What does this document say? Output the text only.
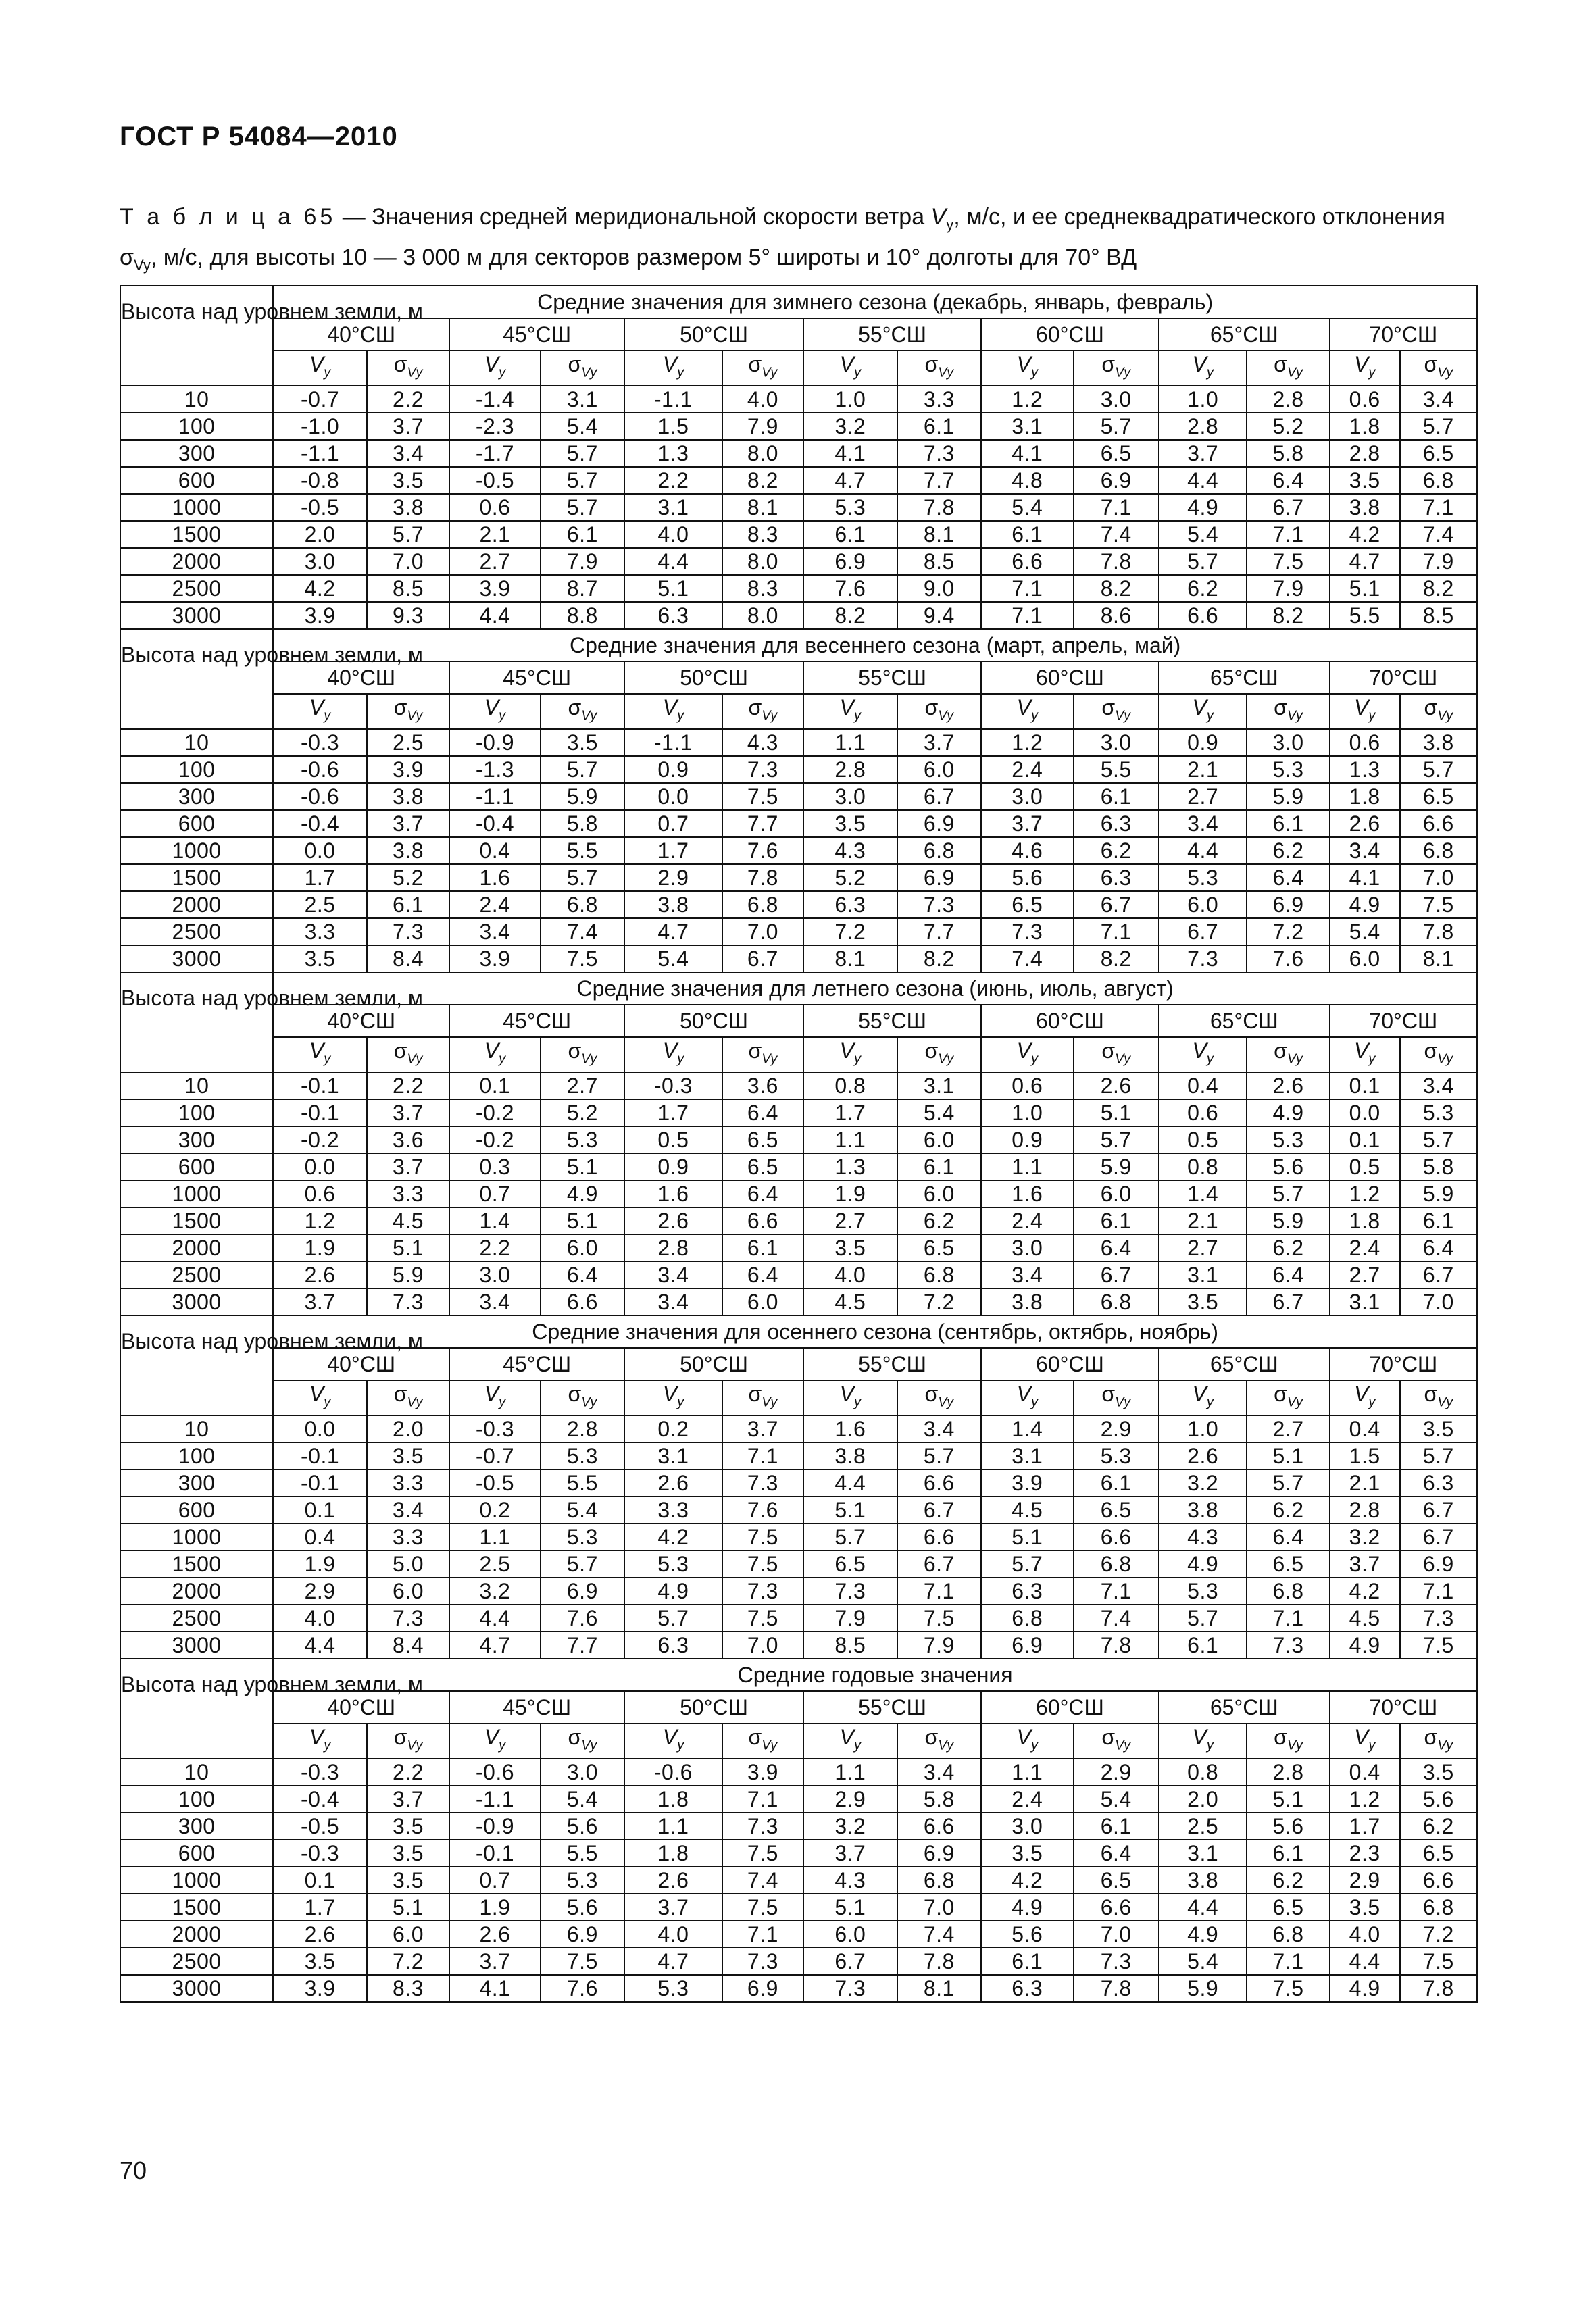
ГОСТ Р 54084—2010
Т а б л и ц а 65 — Значения средней меридиональной скорости ветра $V_y$, м/с, и ее среднеквадратического отклонения $\sigma_{Vy}$, м/с, для высоты 10 — 3 000 м для секторов размером 5° широты и 10° долготы для 70° ВД
Высота над уровнем земли, м	Средние значения для зимнего сезона (декабрь, январь, февраль)													
	40°СШ		45°СШ		50°СШ		55°СШ		60°СШ		65°СШ		70°СШ	
	$V_y$	$\sigma_{Vy}$	$V_y$	$\sigma_{Vy}$	$V_y$	$\sigma_{Vy}$	$V_y$	$\sigma_{Vy}$	$V_y$	$\sigma_{Vy}$	$V_y$	$\sigma_{Vy}$	$V_y$	$\sigma_{Vy}$
10	-0.7	2.2	-1.4	3.1	-1.1	4.0	1.0	3.3	1.2	3.0	1.0	2.8	0.6	3.4
100	-1.0	3.7	-2.3	5.4	1.5	7.9	3.2	6.1	3.1	5.7	2.8	5.2	1.8	5.7
300	-1.1	3.4	-1.7	5.7	1.3	8.0	4.1	7.3	4.1	6.5	3.7	5.8	2.8	6.5
600	-0.8	3.5	-0.5	5.7	2.2	8.2	4.7	7.7	4.8	6.9	4.4	6.4	3.5	6.8
1000	-0.5	3.8	0.6	5.7	3.1	8.1	5.3	7.8	5.4	7.1	4.9	6.7	3.8	7.1
1500	2.0	5.7	2.1	6.1	4.0	8.3	6.1	8.1	6.1	7.4	5.4	7.1	4.2	7.4
2000	3.0	7.0	2.7	7.9	4.4	8.0	6.9	8.5	6.6	7.8	5.7	7.5	4.7	7.9
2500	4.2	8.5	3.9	8.7	5.1	8.3	7.6	9.0	7.1	8.2	6.2	7.9	5.1	8.2
3000	3.9	9.3	4.4	8.8	6.3	8.0	8.2	9.4	7.1	8.6	6.6	8.2	5.5	8.5
Высота над уровнем земли, м	Средние значения для весеннего сезона (март, апрель, май)													
	40°СШ		45°СШ		50°СШ		55°СШ		60°СШ		65°СШ		70°СШ	
	$V_y$	$\sigma_{Vy}$	$V_y$	$\sigma_{Vy}$	$V_y$	$\sigma_{Vy}$	$V_y$	$\sigma_{Vy}$	$V_y$	$\sigma_{Vy}$	$V_y$	$\sigma_{Vy}$	$V_y$	$\sigma_{Vy}$
10	-0.3	2.5	-0.9	3.5	-1.1	4.3	1.1	3.7	1.2	3.0	0.9	3.0	0.6	3.8
100	-0.6	3.9	-1.3	5.7	0.9	7.3	2.8	6.0	2.4	5.5	2.1	5.3	1.3	5.7
300	-0.6	3.8	-1.1	5.9	0.0	7.5	3.0	6.7	3.0	6.1	2.7	5.9	1.8	6.5
600	-0.4	3.7	-0.4	5.8	0.7	7.7	3.5	6.9	3.7	6.3	3.4	6.1	2.6	6.6
1000	0.0	3.8	0.4	5.5	1.7	7.6	4.3	6.8	4.6	6.2	4.4	6.2	3.4	6.8
1500	1.7	5.2	1.6	5.7	2.9	7.8	5.2	6.9	5.6	6.3	5.3	6.4	4.1	7.0
2000	2.5	6.1	2.4	6.8	3.8	6.8	6.3	7.3	6.5	6.7	6.0	6.9	4.9	7.5
2500	3.3	7.3	3.4	7.4	4.7	7.0	7.2	7.7	7.3	7.1	6.7	7.2	5.4	7.8
3000	3.5	8.4	3.9	7.5	5.4	6.7	8.1	8.2	7.4	8.2	7.3	7.6	6.0	8.1
Высота над уровнем земли, м	Средние значения для летнего сезона (июнь, июль, август)													
	40°СШ		45°СШ		50°СШ		55°СШ		60°СШ		65°СШ		70°СШ	
	$V_y$	$\sigma_{Vy}$	$V_y$	$\sigma_{Vy}$	$V_y$	$\sigma_{Vy}$	$V_y$	$\sigma_{Vy}$	$V_y$	$\sigma_{Vy}$	$V_y$	$\sigma_{Vy}$	$V_y$	$\sigma_{Vy}$
10	-0.1	2.2	0.1	2.7	-0.3	3.6	0.8	3.1	0.6	2.6	0.4	2.6	0.1	3.4
100	-0.1	3.7	-0.2	5.2	1.7	6.4	1.7	5.4	1.0	5.1	0.6	4.9	0.0	5.3
300	-0.2	3.6	-0.2	5.3	0.5	6.5	1.1	6.0	0.9	5.7	0.5	5.3	0.1	5.7
600	0.0	3.7	0.3	5.1	0.9	6.5	1.3	6.1	1.1	5.9	0.8	5.6	0.5	5.8
1000	0.6	3.3	0.7	4.9	1.6	6.4	1.9	6.0	1.6	6.0	1.4	5.7	1.2	5.9
1500	1.2	4.5	1.4	5.1	2.6	6.6	2.7	6.2	2.4	6.1	2.1	5.9	1.8	6.1
2000	1.9	5.1	2.2	6.0	2.8	6.1	3.5	6.5	3.0	6.4	2.7	6.2	2.4	6.4
2500	2.6	5.9	3.0	6.4	3.4	6.4	4.0	6.8	3.4	6.7	3.1	6.4	2.7	6.7
3000	3.7	7.3	3.4	6.6	3.4	6.0	4.5	7.2	3.8	6.8	3.5	6.7	3.1	7.0
Высота над уровнем земли, м	Средние значения для осеннего сезона (сентябрь, октябрь, ноябрь)													
	40°СШ		45°СШ		50°СШ		55°СШ		60°СШ		65°СШ		70°СШ	
	$V_y$	$\sigma_{Vy}$	$V_y$	$\sigma_{Vy}$	$V_y$	$\sigma_{Vy}$	$V_y$	$\sigma_{Vy}$	$V_y$	$\sigma_{Vy}$	$V_y$	$\sigma_{Vy}$	$V_y$	$\sigma_{Vy}$
10	0.0	2.0	-0.3	2.8	0.2	3.7	1.6	3.4	1.4	2.9	1.0	2.7	0.4	3.5
100	-0.1	3.5	-0.7	5.3	3.1	7.1	3.8	5.7	3.1	5.3	2.6	5.1	1.5	5.7
300	-0.1	3.3	-0.5	5.5	2.6	7.3	4.4	6.6	3.9	6.1	3.2	5.7	2.1	6.3
600	0.1	3.4	0.2	5.4	3.3	7.6	5.1	6.7	4.5	6.5	3.8	6.2	2.8	6.7
1000	0.4	3.3	1.1	5.3	4.2	7.5	5.7	6.6	5.1	6.6	4.3	6.4	3.2	6.7
1500	1.9	5.0	2.5	5.7	5.3	7.5	6.5	6.7	5.7	6.8	4.9	6.5	3.7	6.9
2000	2.9	6.0	3.2	6.9	4.9	7.3	7.3	7.1	6.3	7.1	5.3	6.8	4.2	7.1
2500	4.0	7.3	4.4	7.6	5.7	7.5	7.9	7.5	6.8	7.4	5.7	7.1	4.5	7.3
3000	4.4	8.4	4.7	7.7	6.3	7.0	8.5	7.9	6.9	7.8	6.1	7.3	4.9	7.5
Высота над уровнем земли, м	Средние годовые значения													
	40°СШ		45°СШ		50°СШ		55°СШ		60°СШ		65°СШ		70°СШ	
	$V_y$	$\sigma_{Vy}$	$V_y$	$\sigma_{Vy}$	$V_y$	$\sigma_{Vy}$	$V_y$	$\sigma_{Vy}$	$V_y$	$\sigma_{Vy}$	$V_y$	$\sigma_{Vy}$	$V_y$	$\sigma_{Vy}$
10	-0.3	2.2	-0.6	3.0	-0.6	3.9	1.1	3.4	1.1	2.9	0.8	2.8	0.4	3.5
100	-0.4	3.7	-1.1	5.4	1.8	7.1	2.9	5.8	2.4	5.4	2.0	5.1	1.2	5.6
300	-0.5	3.5	-0.9	5.6	1.1	7.3	3.2	6.6	3.0	6.1	2.5	5.6	1.7	6.2
600	-0.3	3.5	-0.1	5.5	1.8	7.5	3.7	6.9	3.5	6.4	3.1	6.1	2.3	6.5
1000	0.1	3.5	0.7	5.3	2.6	7.4	4.3	6.8	4.2	6.5	3.8	6.2	2.9	6.6
1500	1.7	5.1	1.9	5.6	3.7	7.5	5.1	7.0	4.9	6.6	4.4	6.5	3.5	6.8
2000	2.6	6.0	2.6	6.9	4.0	7.1	6.0	7.4	5.6	7.0	4.9	6.8	4.0	7.2
2500	3.5	7.2	3.7	7.5	4.7	7.3	6.7	7.8	6.1	7.3	5.4	7.1	4.4	7.5
3000	3.9	8.3	4.1	7.6	5.3	6.9	7.3	8.1	6.3	7.8	5.9	7.5	4.9	7.8
70
